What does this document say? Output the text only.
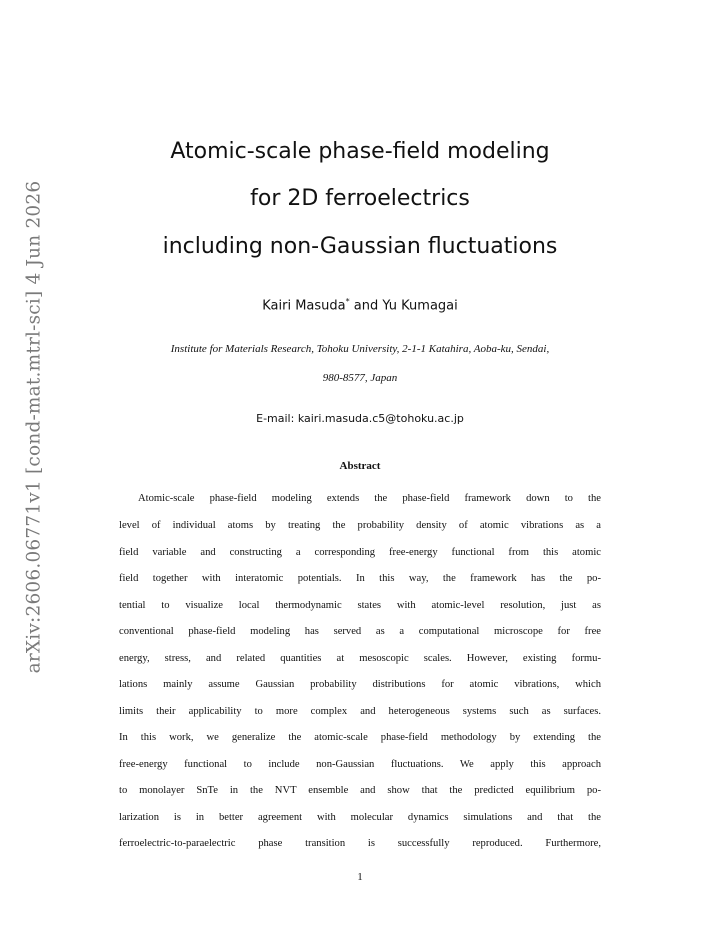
arXiv:2606.06771v1 [cond-mat.mtrl-sci] 4 Jun 2026
Atomic-scale phase-field modeling
for 2D ferroelectrics
including non-Gaussian fluctuations
Kairi Masuda* and Yu Kumagai
Institute for Materials Research, Tohoku University, 2-1-1 Katahira, Aoba-ku, Sendai,
980-8577, Japan
E-mail: kairi.masuda.c5@tohoku.ac.jp
Abstract
Atomic-scale phase-field modeling extends the phase-field framework down to the
level of individual atoms by treating the probability density of atomic vibrations as a
field variable and constructing a corresponding free-energy functional from this atomic
field together with interatomic potentials. In this way, the framework has the po-
tential to visualize local thermodynamic states with atomic-level resolution, just as
conventional phase-field modeling has served as a computational microscope for free
energy, stress, and related quantities at mesoscopic scales. However, existing formu-
lations mainly assume Gaussian probability distributions for atomic vibrations, which
limits their applicability to more complex and heterogeneous systems such as surfaces.
In this work, we generalize the atomic-scale phase-field methodology by extending the
free-energy functional to include non-Gaussian fluctuations. We apply this approach
to monolayer SnTe in the NVT ensemble and show that the predicted equilibrium po-
larization is in better agreement with molecular dynamics simulations and that the
ferroelectric-to-paraelectric phase transition is successfully reproduced. Furthermore,
1
